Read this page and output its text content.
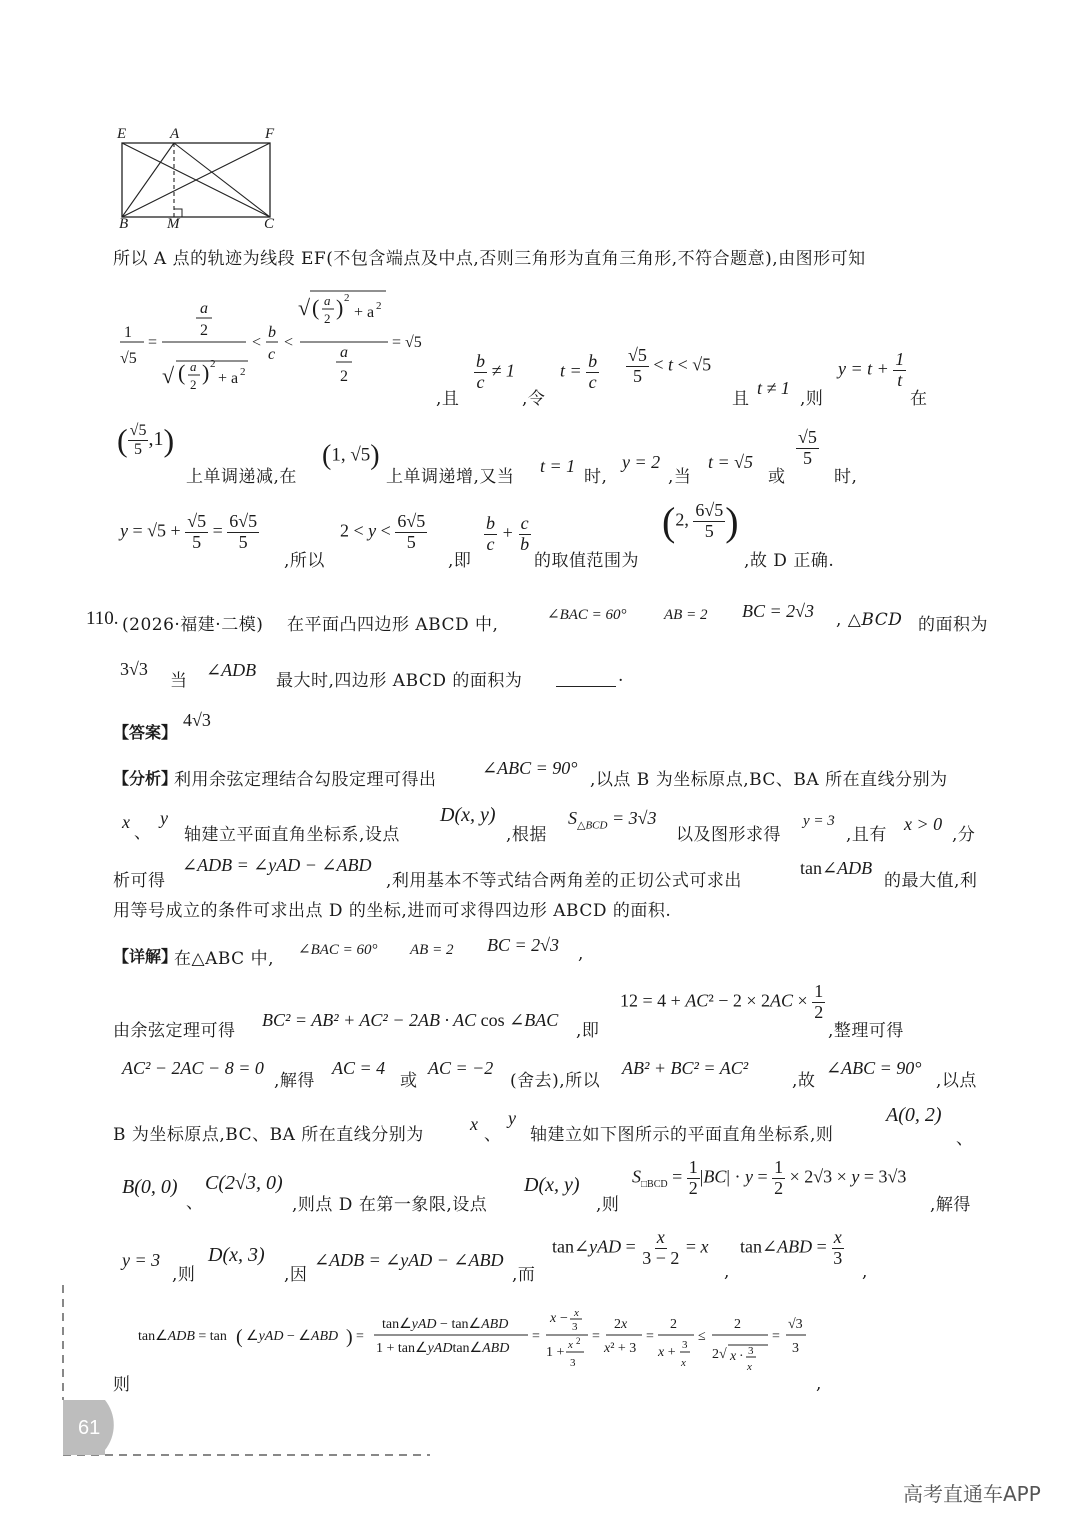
E	A	F
B	M	C
所以 A 点的轨迹为线段 EF(不包含端点及中点,否则三角形为直角三角形,不符合题意),由图形可知
1
√5
=
a
2
√ ( a
2 ) 2
+ a 2
<
b
c
<
√ ( a
2 ) 2
+ a 2
a
2
= √5
,且
$\frac{b}{c} \ne 1$
,令
$t = \frac{b}{c} \frac{√5}{5} < t < √5$
且
t ≠ 1
,则
$y = t + \frac{1}{t}$
在
( $\frac{√5}{5} ,1$)
上单调递减,在
(1, √5)
上单调递增,又当
t = 1
时,
y = 2
,当
t = √5
或
$\frac{√5}{5}$
时,
$y = √5 + \frac{√5}{5} = \frac{6√5}{5}$
,所以
$2 < y < \frac{6√5}{5}$
,即
$\frac{b}{c} + \frac{c}{b}$
的取值范围为
(2, $\frac{6√5}{5}$ )
,故 D 正确.
110. (2026·福建·二模) 在平面凸四边形 ABCD 中,	∠BAC = 60° AB = 2 BC = 2√3 , △BCD 的面积为
3√3
当
∠ADB
最大时,四边形 ABCD 的面积为	.
【答案】
4√3
【分析】
利用余弦定理结合勾股定理可得出
∠ABC = 90°
,以点 B 为坐标原点,BC、BA 所在直线分别为
x
、
y
轴建立平面直角坐标系,设点
D(x, y)
,根据
$S_{\triangle BCD} = 3√3$
以及图形求得
y = 3
,且有
x > 0
,分
析可得
∠ADB = ∠yAD − ∠ABD
,利用基本不等式结合两角差的正切公式可求出
tan∠ADB
的最大值,利
用等号成立的条件可求出点 D 的坐标,进而可求得四边形 ABCD 的面积.
【详解】
在△ABC 中, ∠BAC = 60° AB = 2 BC = 2√3 ,
由余弦定理可得
BC² = AB² + AC² − 2AB · AC cos ∠BAC
,即
$12 = 4 + AC^2 - 2 \times 2AC \times \frac{1}{2}$
,整理可得
AC² − 2AC − 8 = 0
,解得
AC = 4
或
AC = −2
(舍去),所以
AB² + BC² = AC²
,故
∠ABC = 90°
,以点
B 为坐标原点,BC、BA 所在直线分别为
x
、
y
轴建立如下图所示的平面直角坐标系,则
A(0, 2)
、
B(0, 0)
、
C(2√3, 0)
,则点 D 在第一象限,设点
D(x, y)
,则
$S_{□BCD} = \frac{1}{2} |BC| \cdot y = \frac{1}{2} \times 2√3 \times y = 3√3$
,解得
y = 3
,则
D(x, 3)
,因
∠ADB = ∠yAD − ∠ABD
,而
tan∠yAD = $\frac{x}{3 - 2} = x$
,
tan∠ABD = $\frac{x}{3}$
,
tan∠ADB = tan ( ∠yAD − ∠ABD ) =
tan∠yAD − tan∠ABD
1 + tan∠yADtan∠ABD
=
x − x
3
1 + x 2
3
=
2x
x² + 3
=
2
x + 3
x
≤
2
2√ x · 3
x
=
√3
3
则	,
61
高考直通车APP
